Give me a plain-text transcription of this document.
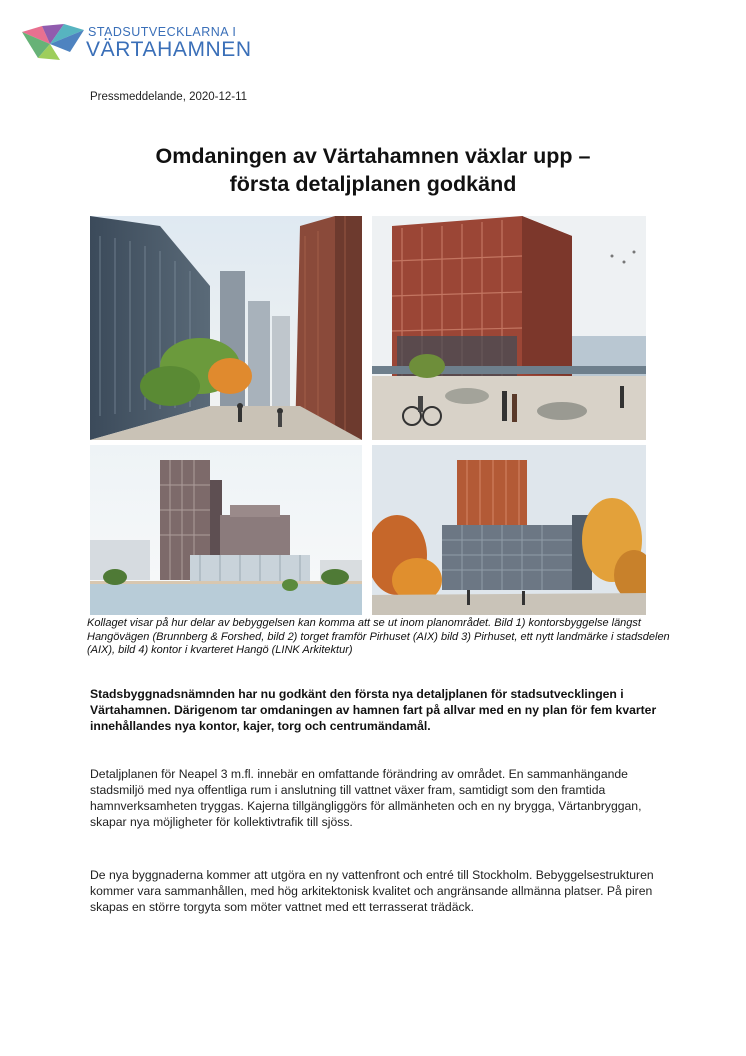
STADSUTVECKLARNA I
VÄRTAHAMNEN
Pressmeddelande, 2020-12-11
Omdaningen av Värtahamnen växlar upp –
första detaljplanen godkänd

Kollaget visar på hur delar av bebyggelsen kan komma att se ut inom planområdet. Bild 1) kontorsbyggelse längst Hangövägen (Brunnberg & Forshed, bild 2) torget framför Pirhuset (AIX) bild 3) Pirhuset, ett nytt landmärke i stadsdelen (AIX), bild 4) kontor i kvarteret Hangö (LINK Arkitektur)

Stadsbyggnadsnämnden har nu godkänt den första nya detaljplanen för stadsutvecklingen i Värtahamnen. Därigenom tar omdaningen av hamnen fart på allvar med en ny plan för fem kvarter innehållandes nya kontor, kajer, torg och centrumändamål.

Detaljplanen för Neapel 3 m.fl. innebär en omfattande förändring av området. En sammanhängande stadsmiljö med nya offentliga rum i anslutning till vattnet växer fram, samtidigt som den framtida hamnverksamheten tryggas. Kajerna tillgängliggörs för allmänheten och en ny brygga, Värtanbryggan, skapar nya möjligheter för kollektivtrafik till sjöss.

De nya byggnaderna kommer att utgöra en ny vattenfront och entré till Stockholm. Bebyggelsestrukturen kommer vara sammanhållen, med hög arkitektonisk kvalitet och angränsande allmänna platser. På piren skapas en större torgyta som möter vattnet med ett terrasserat trädäck.
